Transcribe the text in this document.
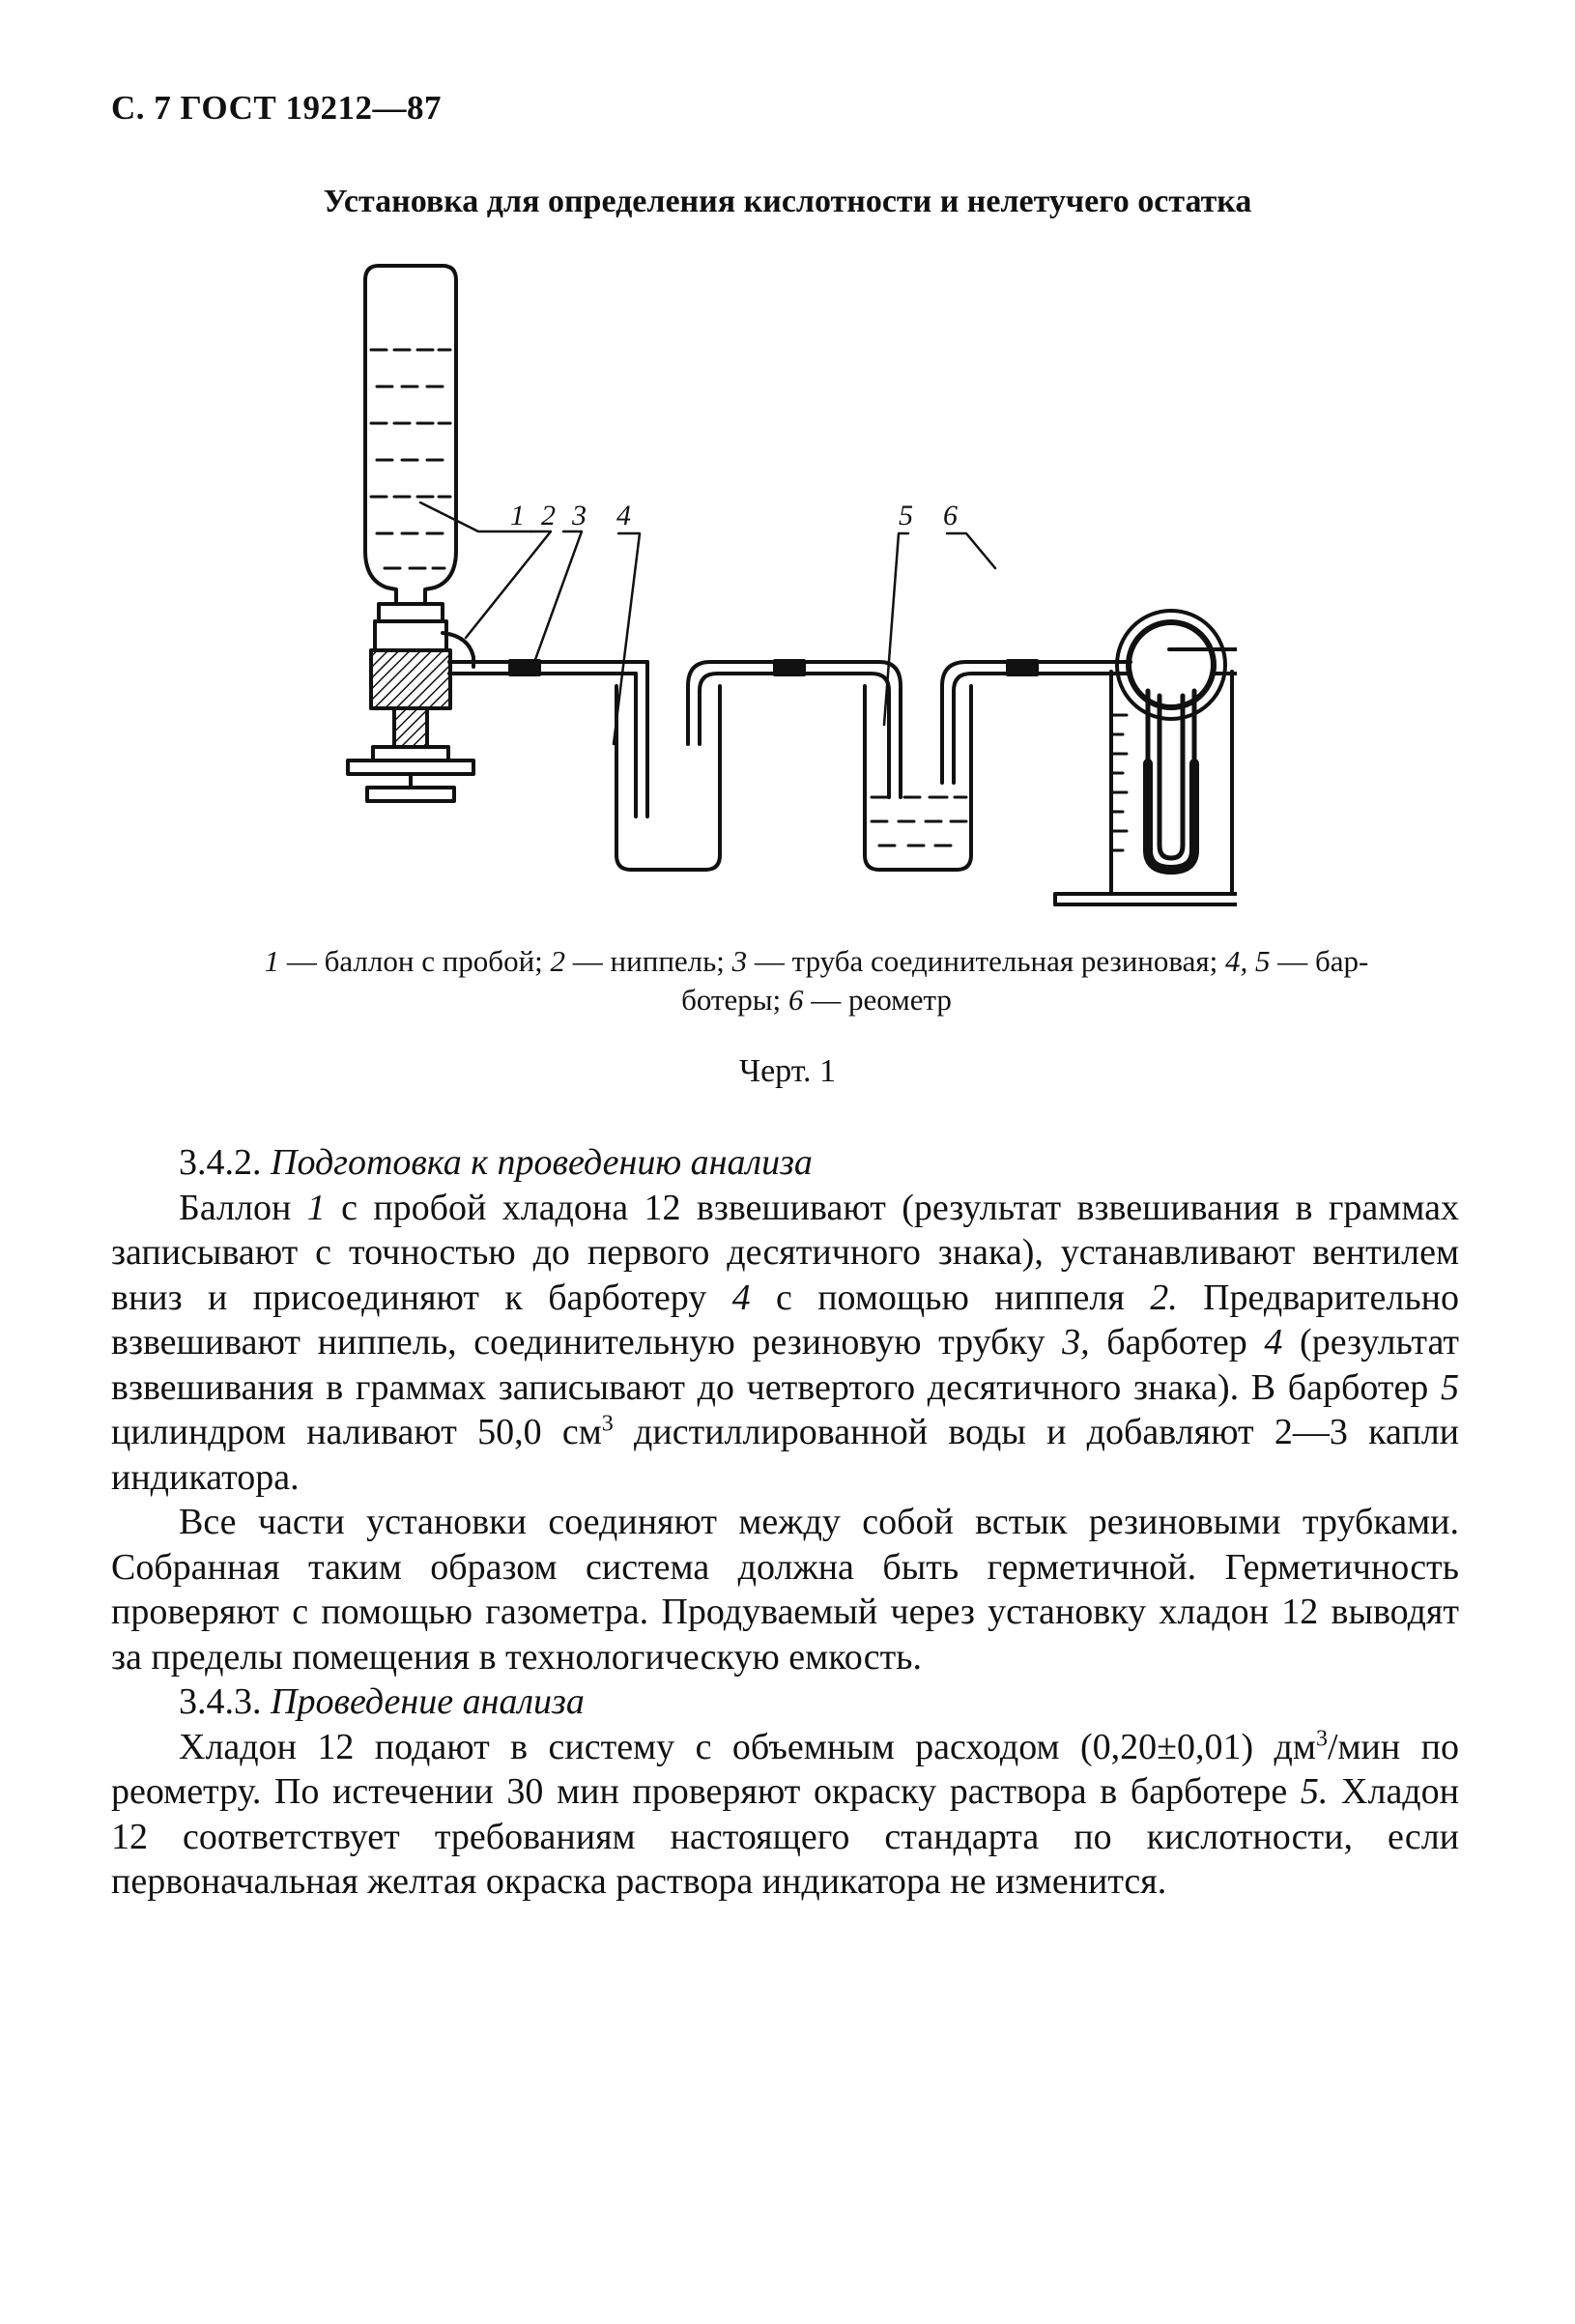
С. 7 ГОСТ 19212—87
Установка для определения кислотности и нелетучего остатка
1 2 3 4	5 6
1 — баллон с пробой; 2 — ниппель; 3 — труба соединительная резиновая; 4, 5 — бар-
ботеры; 6 — реометр
Черт. 1

3.4.2. Подготовка к проведению анализа

Баллон 1 с пробой хладона 12 взвешивают (результат взвешивания в граммах записывают с точностью до первого десятичного знака), устанавливают вентилем вниз и присоединяют к барботеру 4 с помощью ниппеля 2. Предварительно взвешивают ниппель, соединительную резиновую трубку 3, барботер 4 (результат взвешивания в граммах записывают до четвертого десятичного знака). В барботер 5 цилиндром наливают 50,0 $см^3$ дистиллированной воды и добавляют 2—3 капли индикатора.

Все части установки соединяют между собой встык резиновыми трубками. Собранная таким образом система должна быть герметичной. Герметичность проверяют с помощью газометра. Продуваемый через установку хладон 12 выводят за пределы помещения в технологическую емкость.

3.4.3. Проведение анализа

Хладон 12 подают в систему с объемным расходом (0,20±0,01) $дм^3$/мин по реометру. По истечении 30 мин проверяют окраску раствора в барботере 5. Хладон 12 соответствует требованиям настоящего стандарта по кислотности, если первоначальная желтая окраска раствора индикатора не изменится.
